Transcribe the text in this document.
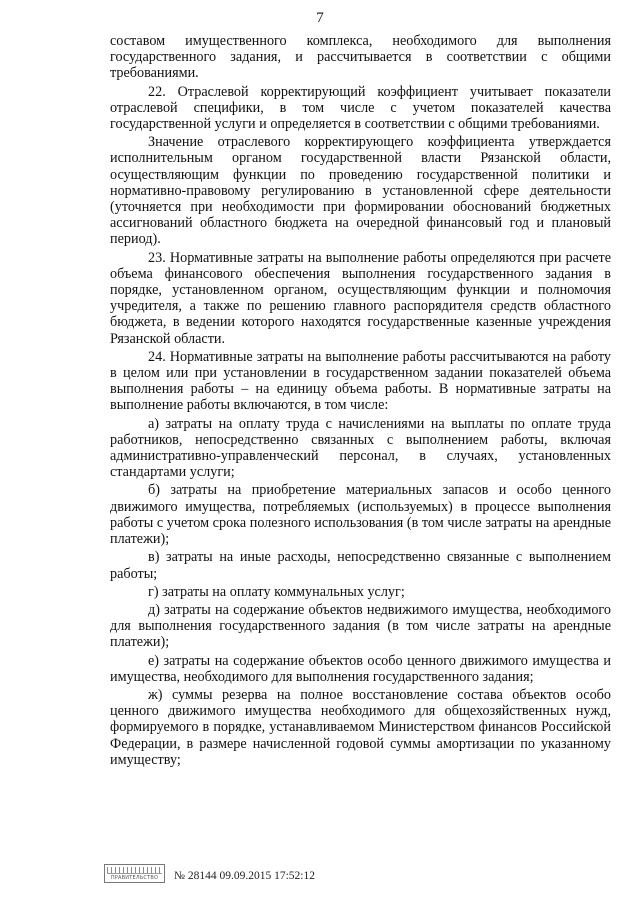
7

составом имущественного комплекса, необходимого для выполнения государственного задания, и рассчитывается в соответствии с общими требованиями.

22. Отраслевой корректирующий коэффициент учитывает показатели отраслевой специфики, в том числе с учетом показателей качества государственной услуги и определяется в соответствии с общими требованиями.

Значение отраслевого корректирующего коэффициента утверждается исполнительным органом государственной власти Рязанской области, осуществляющим функции по проведению государственной политики и нормативно-правовому регулированию в установленной сфере деятельности (уточняется при необходимости при формировании обоснований бюджетных ассигнований областного бюджета на очередной финансовый год и плановый период).

23. Нормативные затраты на выполнение работы определяются при расчете объема финансового обеспечения выполнения государственного задания в порядке, установленном органом, осуществляющим функции и полномочия учредителя, а также по решению главного распорядителя средств областного бюджета, в ведении которого находятся государственные казенные учреждения Рязанской области.

24. Нормативные затраты на выполнение работы рассчитываются на работу в целом или при установлении в государственном задании показателей объема выполнения работы – на единицу объема работы. В нормативные затраты на выполнение работы включаются, в том числе:

а) затраты на оплату труда с начислениями на выплаты по оплате труда работников, непосредственно связанных с выполнением работы, включая административно-управленческий персонал, в случаях, установленных стандартами услуги;

б) затраты на приобретение материальных запасов и особо ценного движимого имущества, потребляемых (используемых) в процессе выполнения работы с учетом срока полезного использования (в том числе затраты на арендные платежи);

в) затраты на иные расходы, непосредственно связанные с выполнением работы;

г) затраты на оплату коммунальных услуг;

д) затраты на содержание объектов недвижимого имущества, необходимого для выполнения государственного задания (в том числе затраты на арендные платежи);

е) затраты на содержание объектов особо ценного движимого имущества и имущества, необходимого для выполнения государственного задания;

ж) суммы резерва на полное восстановление состава объектов особо ценного движимого имущества необходимого для общехозяйственных нужд, формируемого в порядке, устанавливаемом Министерством финансов Российской Федерации, в размере начисленной годовой суммы амортизации по указанному имуществу;

ПРАВИТЕЛЬСТВО	№ 28144 09.09.2015 17:52:12
